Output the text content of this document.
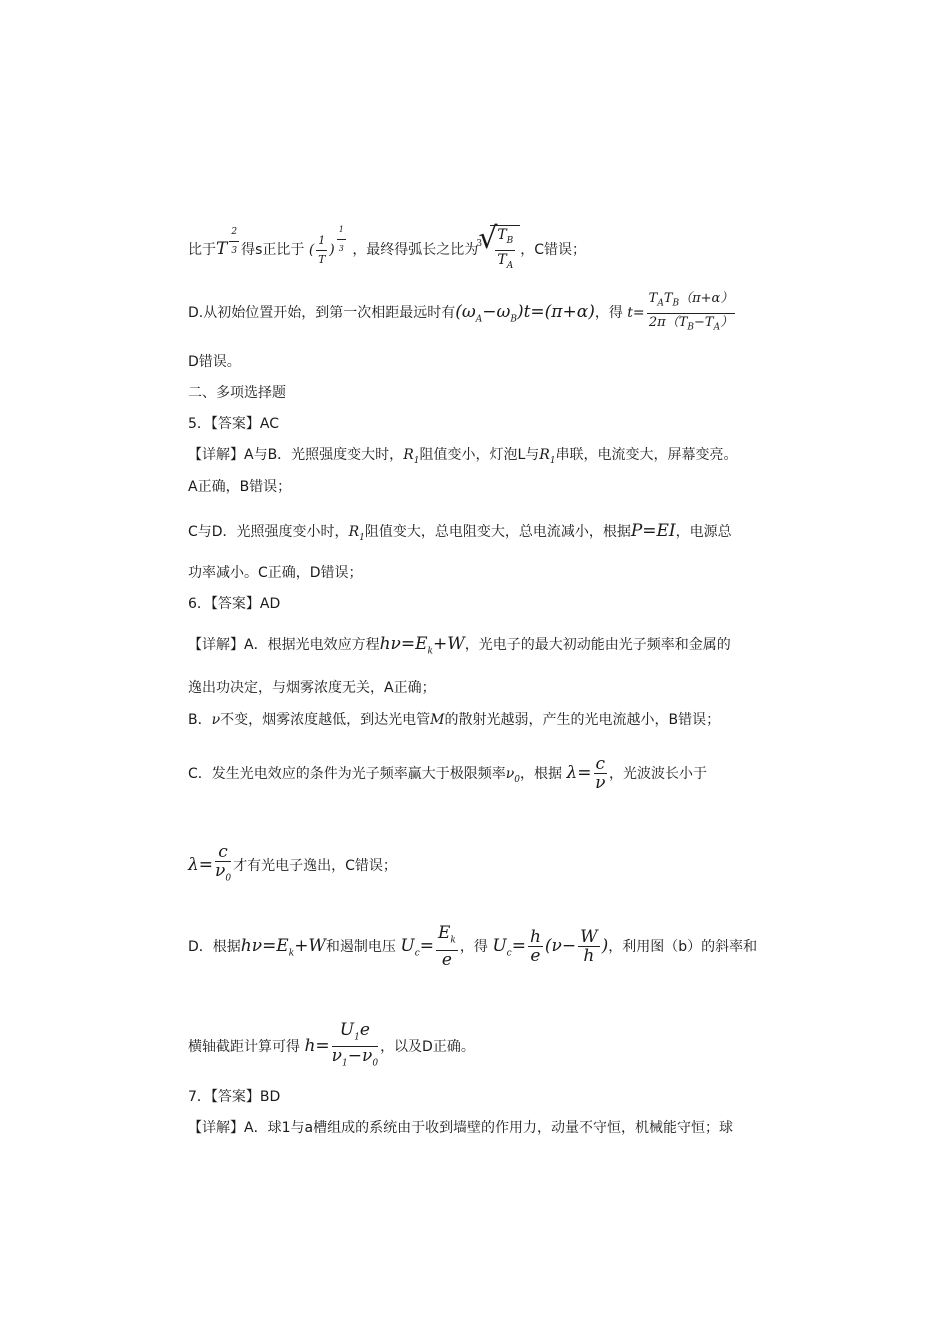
比于T $^{\frac{2}{3}}$ 得s正比于 ( $\frac{1}{T}$ ) $^{\frac{1}{3}}$ ，最终得弧长之比为
√ $3 \frac{T_B}{T_A}$ ，C错误；
D.从初始位置开始，到第一次相距最远时有$(\omega_A-\omega_B)t=(\pi+\alpha)$，得 t=
$T_AT_B(\pi+\alpha)$
$2\pi(T_B-T_A)$
D错误。
二、多项选择题
5．【答案】AC
【详解】A与B．光照强度变大时，$R_1$阻值变小，灯泡L与$R_1$串联，电流变大，屏幕变亮。
A正确，B错误；
C与D．光照强度变小时，$R_1$阻值变大，总电阻变大，总电流减小，根据P=EI，电源总
功率减小。C正确，D错误；
6．【答案】AD
【详解】A．根据光电效应方程$h\nu=E_k+W$，光电子的最大初动能由光子频率和金属的
逸出功决定，与烟雾浓度无关，A正确；
B．ν不变，烟雾浓度越低，到达光电管M的散射光越弱，产生的光电流越小，B错误；
C．发生光电效应的条件为光子频率赢大于极限频率$\nu_0$，根据 $\lambda= \frac{c}{\nu}$ ，光波波长小于
$\lambda= \frac{c}{\nu_0}$ 才有光电子逸出，C错误；
D．根据$h\nu=E_k+W$和遏制电压 $U_c= \frac{E_k}{e}$ ，得 $U_c= \frac{h}{e} (\nu- \frac{W}{h}$ )，利用图（b）的斜率和
横轴截距计算可得 $h= \frac{U_1e}{\nu_1-\nu_0}$ ，以及D正确。
7．【答案】BD
【详解】A．球1与a槽组成的系统由于收到墙壁的作用力，动量不守恒，机械能守恒；球
